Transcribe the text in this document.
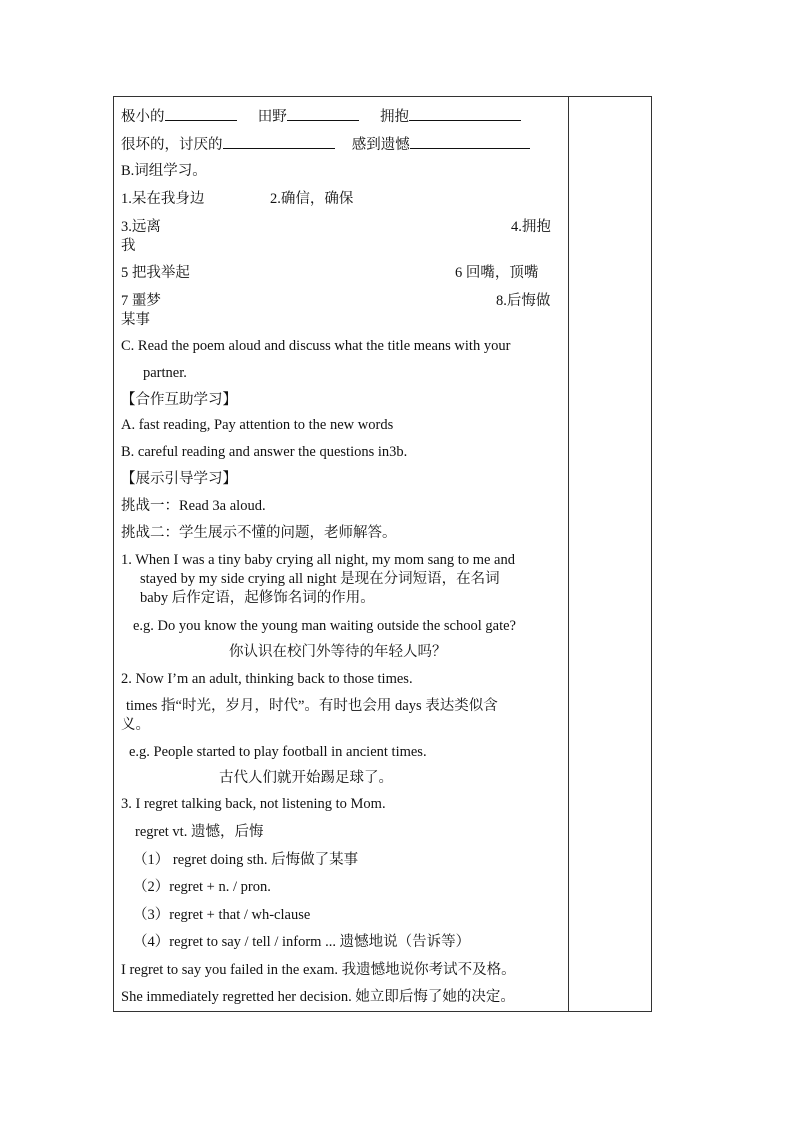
极小的	田野	拥抱
很坏的，讨厌的	感到遗憾
B.词组学习。
1.呆在我身边	2.确信，确保
3.远离	4.拥抱
我
5 把我举起	6 回嘴，顶嘴
7 噩梦	8.后悔做
某事
C. Read the poem aloud and discuss what the title means with your
partner.
【合作互助学习】
A. fast reading, Pay attention to the new words
B. careful reading and answer the questions in3b.
【展示引导学习】
挑战一：Read 3a aloud.
挑战二：学生展示不懂的问题，老师解答。
1. When I was a tiny baby crying all night, my mom sang to me and
stayed by my side crying all night 是现在分词短语，在名词
baby 后作定语，起修饰名词的作用。
e.g. Do you know the young man waiting outside the school gate?
你认识在校门外等待的年轻人吗？
2. Now I’m an adult, thinking back to those times.
times 指“时光，岁月，时代”。有时也会用 days 表达类似含
义。
e.g. People started to play football in ancient times.
古代人们就开始踢足球了。
3. I regret talking back, not listening to Mom.
regret vt. 遗憾，后悔
（1） regret doing sth. 后悔做了某事
（2）regret + n. / pron.
（3）regret + that / wh-clause
（4）regret to say / tell / inform ... 遗憾地说（告诉等）
I regret to say you failed in the exam. 我遗憾地说你考试不及格。
She immediately regretted her decision. 她立即后悔了她的决定。
